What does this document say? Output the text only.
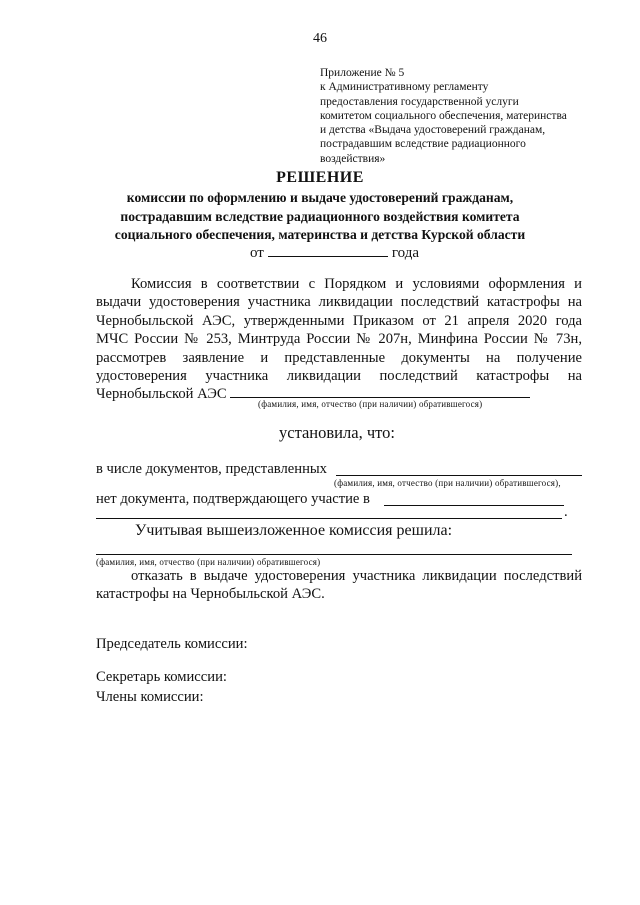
46
Приложение № 5
к Административному регламенту
предоставления государственной услуги
комитетом социального обеспечения, материнства
и детства «Выдача удостоверений гражданам,
пострадавшим вследствие радиационного
воздействия»
РЕШЕНИЕ
комиссии по оформлению и выдаче удостоверений гражданам,
пострадавшим вследствие радиационного воздействия комитета
социального обеспечения, материнства и детства Курской области
от	года
Комиссия в соответствии с Порядком и условиями оформления и
выдачи удостоверения участника ликвидации последствий катастрофы на
Чернобыльской АЭС, утвержденными Приказом от 21 апреля 2020 года
МЧС России № 253, Минтруда России № 207н, Минфина России № 73н,
рассмотрев заявление и представленные документы на получение
удостоверения участника ликвидации последствий катастрофы на
Чернобыльской АЭС
(фамилия, имя, отчество (при наличии) обратившегося)
установила, что:
в числе документов, представленных
(фамилия, имя, отчество (при наличии) обратившегося),
нет документа, подтверждающего участие в
.
Учитывая вышеизложенное комиссия решила:
(фамилия, имя, отчество (при наличии) обратившегося)
отказать в выдаче удостоверения участника ликвидации последствий
катастрофы на Чернобыльской АЭС.
Председатель комиссии:
Секретарь комиссии:
Члены комиссии:
